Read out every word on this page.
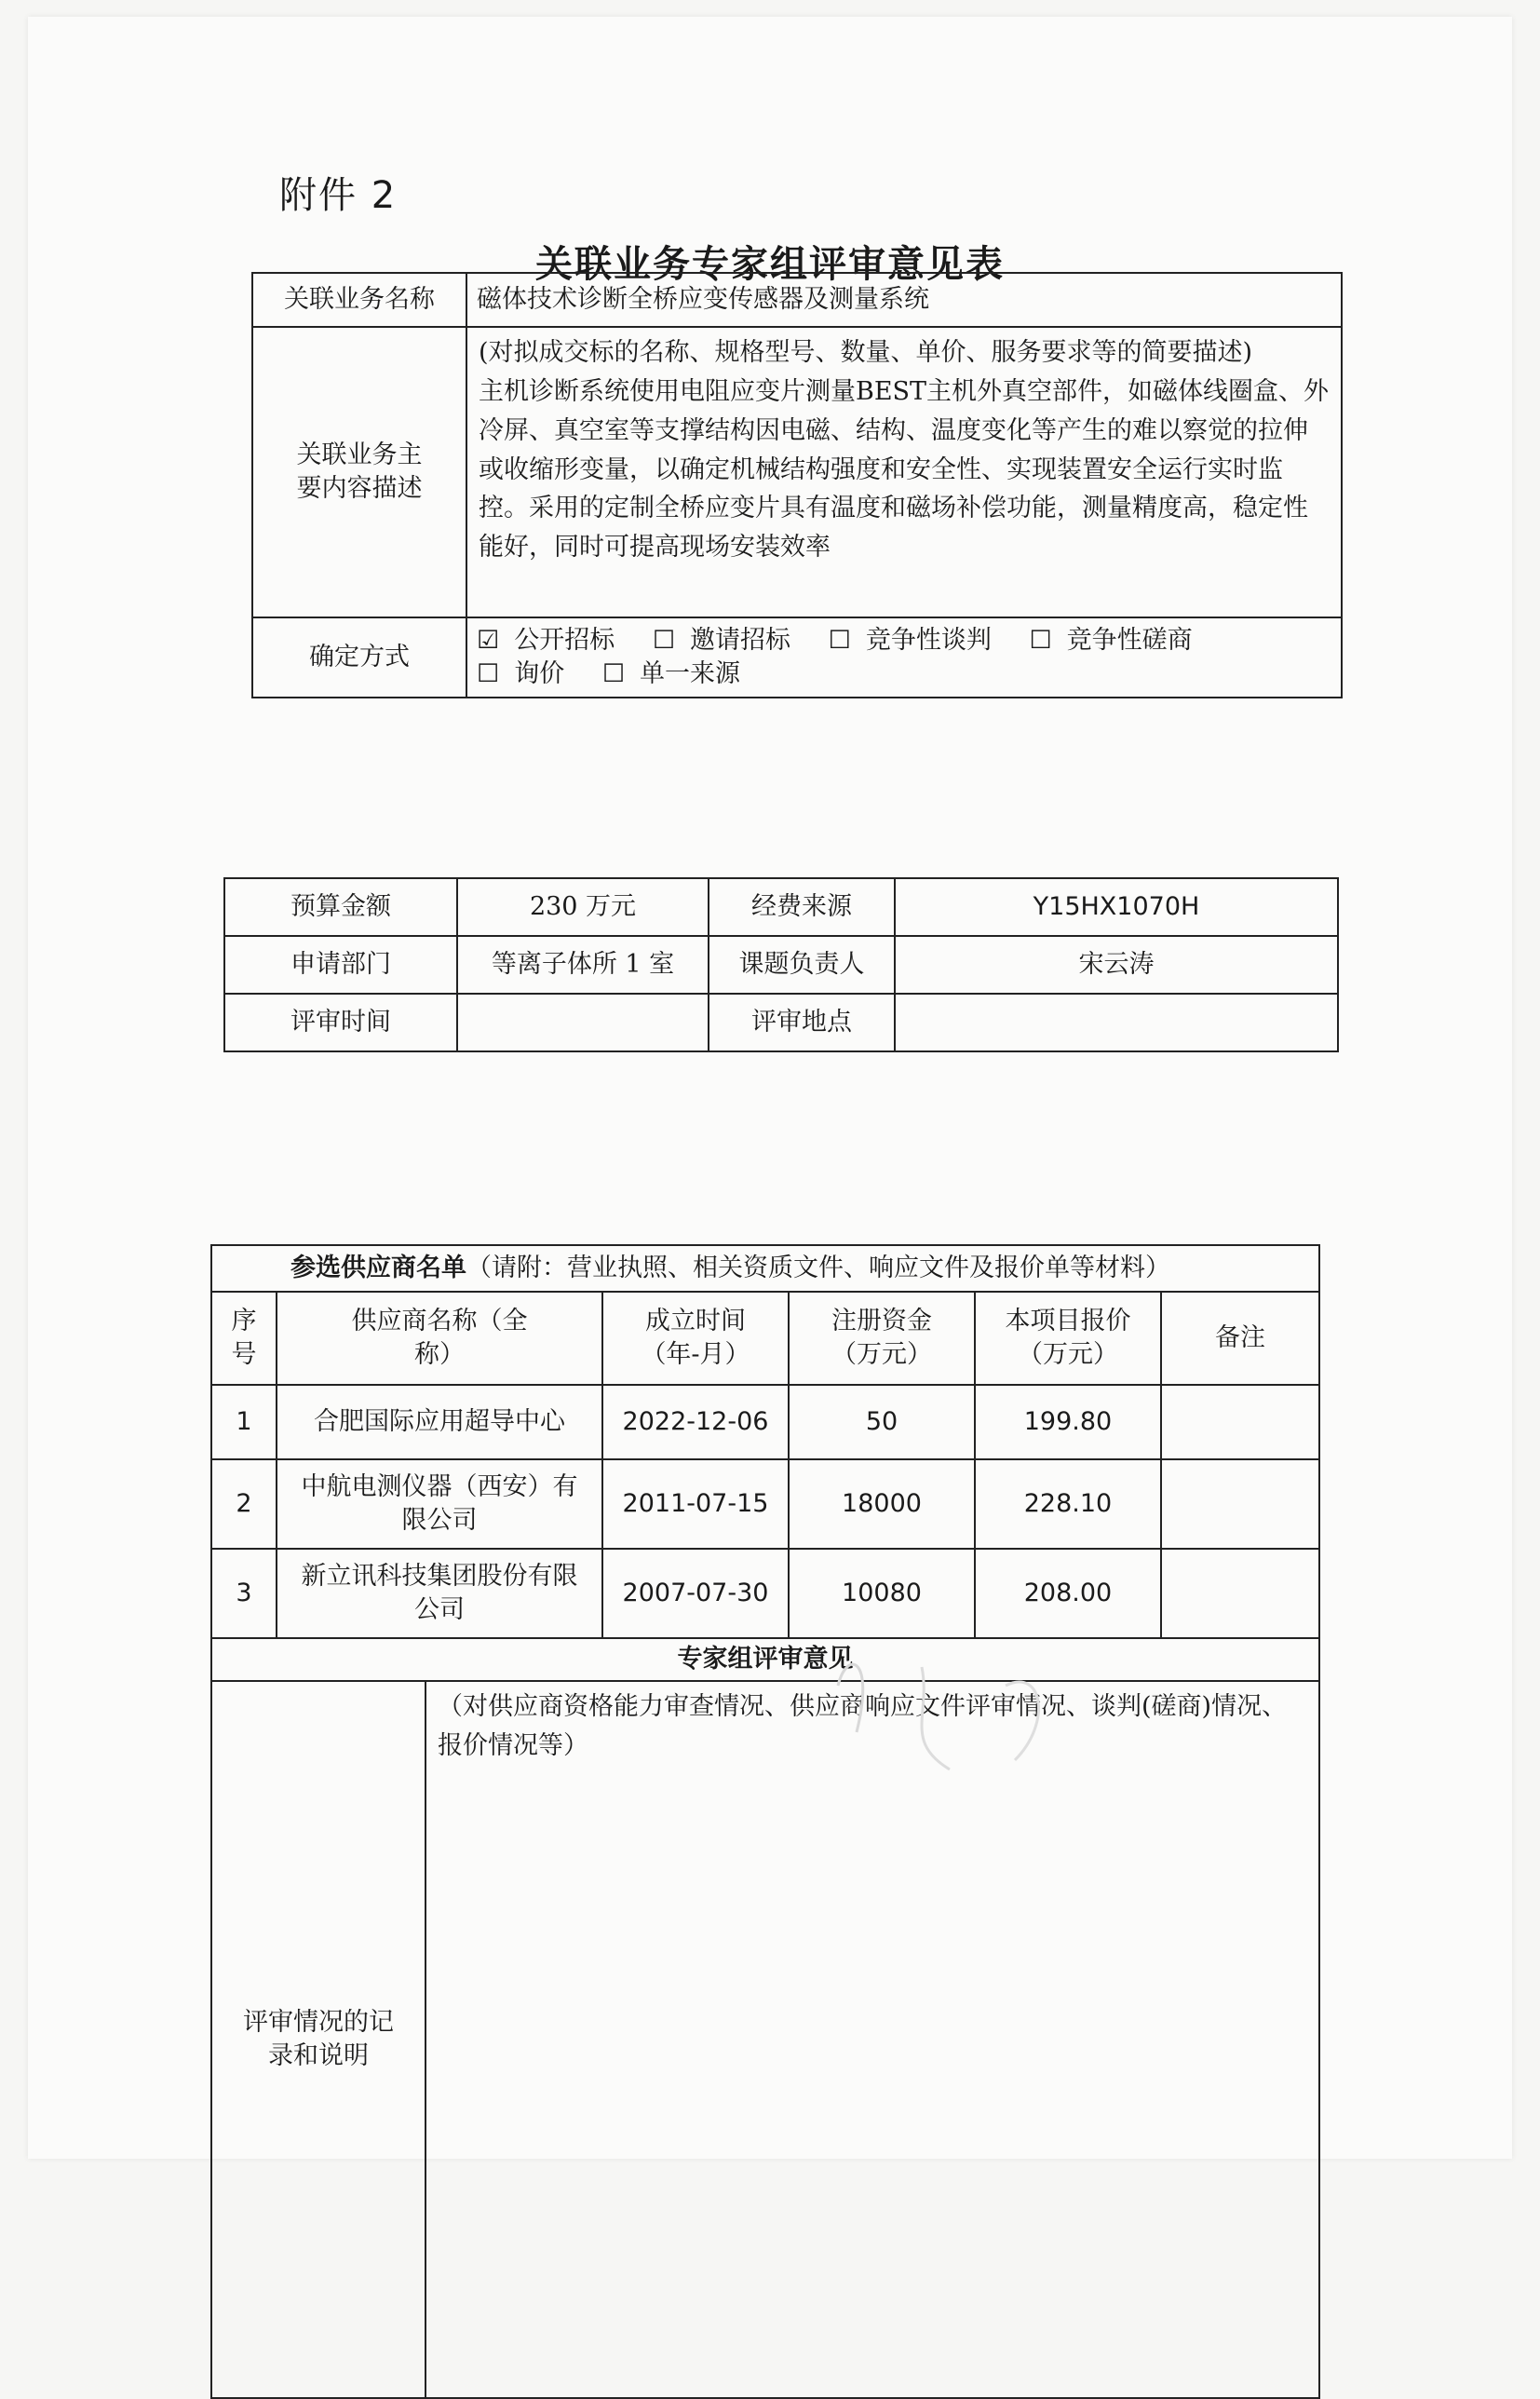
附件 2
关联业务专家组评审意见表
关联业务名称	磁体技术诊断全桥应变传感器及测量系统
关联业务主要内容描述	(对拟成交标的名称、规格型号、数量、单价、服务要求等的简要描述)
主机诊断系统使用电阻应变片测量BEST主机外真空部件，如磁体线圈盒、外冷屏、真空室等支撑结构因电磁、结构、温度变化等产生的难以察觉的拉伸或收缩形变量，以确定机械结构强度和安全性、实现装置安全运行实时监控。采用的定制全桥应变片具有温度和磁场补偿功能，测量精度高，稳定性能好，同时可提高现场安装效率

确定方式	☑ 公开招标 ☐ 邀请招标 ☐ 竞争性谈判 ☐ 竞争性磋商 ☐ 询价 ☐ 单一来源
预算金额	230 万元	经费来源	Y15HX1070H
申请部门	等离子体所 1 室	课题负责人	宋云涛
评审时间		评审地点	
参选供应商名单（请附：营业执照、相关资质文件、响应文件及报价单等材料）						
序号	供应商名称（全称）		成立时间（年-月）	注册资金（万元）	本项目报价（万元）	备注
1	合肥国际应用超导中心		2022-12-06	50	199.80	
2	中航电测仪器（西安）有限公司		2011-07-15	18000	228.10	
3	新立讯科技集团股份有限公司		2007-07-30	10080	208.00	
专家组评审意见						
评审情况的记录和说明		（对供应商资格能力审查情况、供应商响应文件评审情况、谈判(磋商)情况、报价情况等）				
